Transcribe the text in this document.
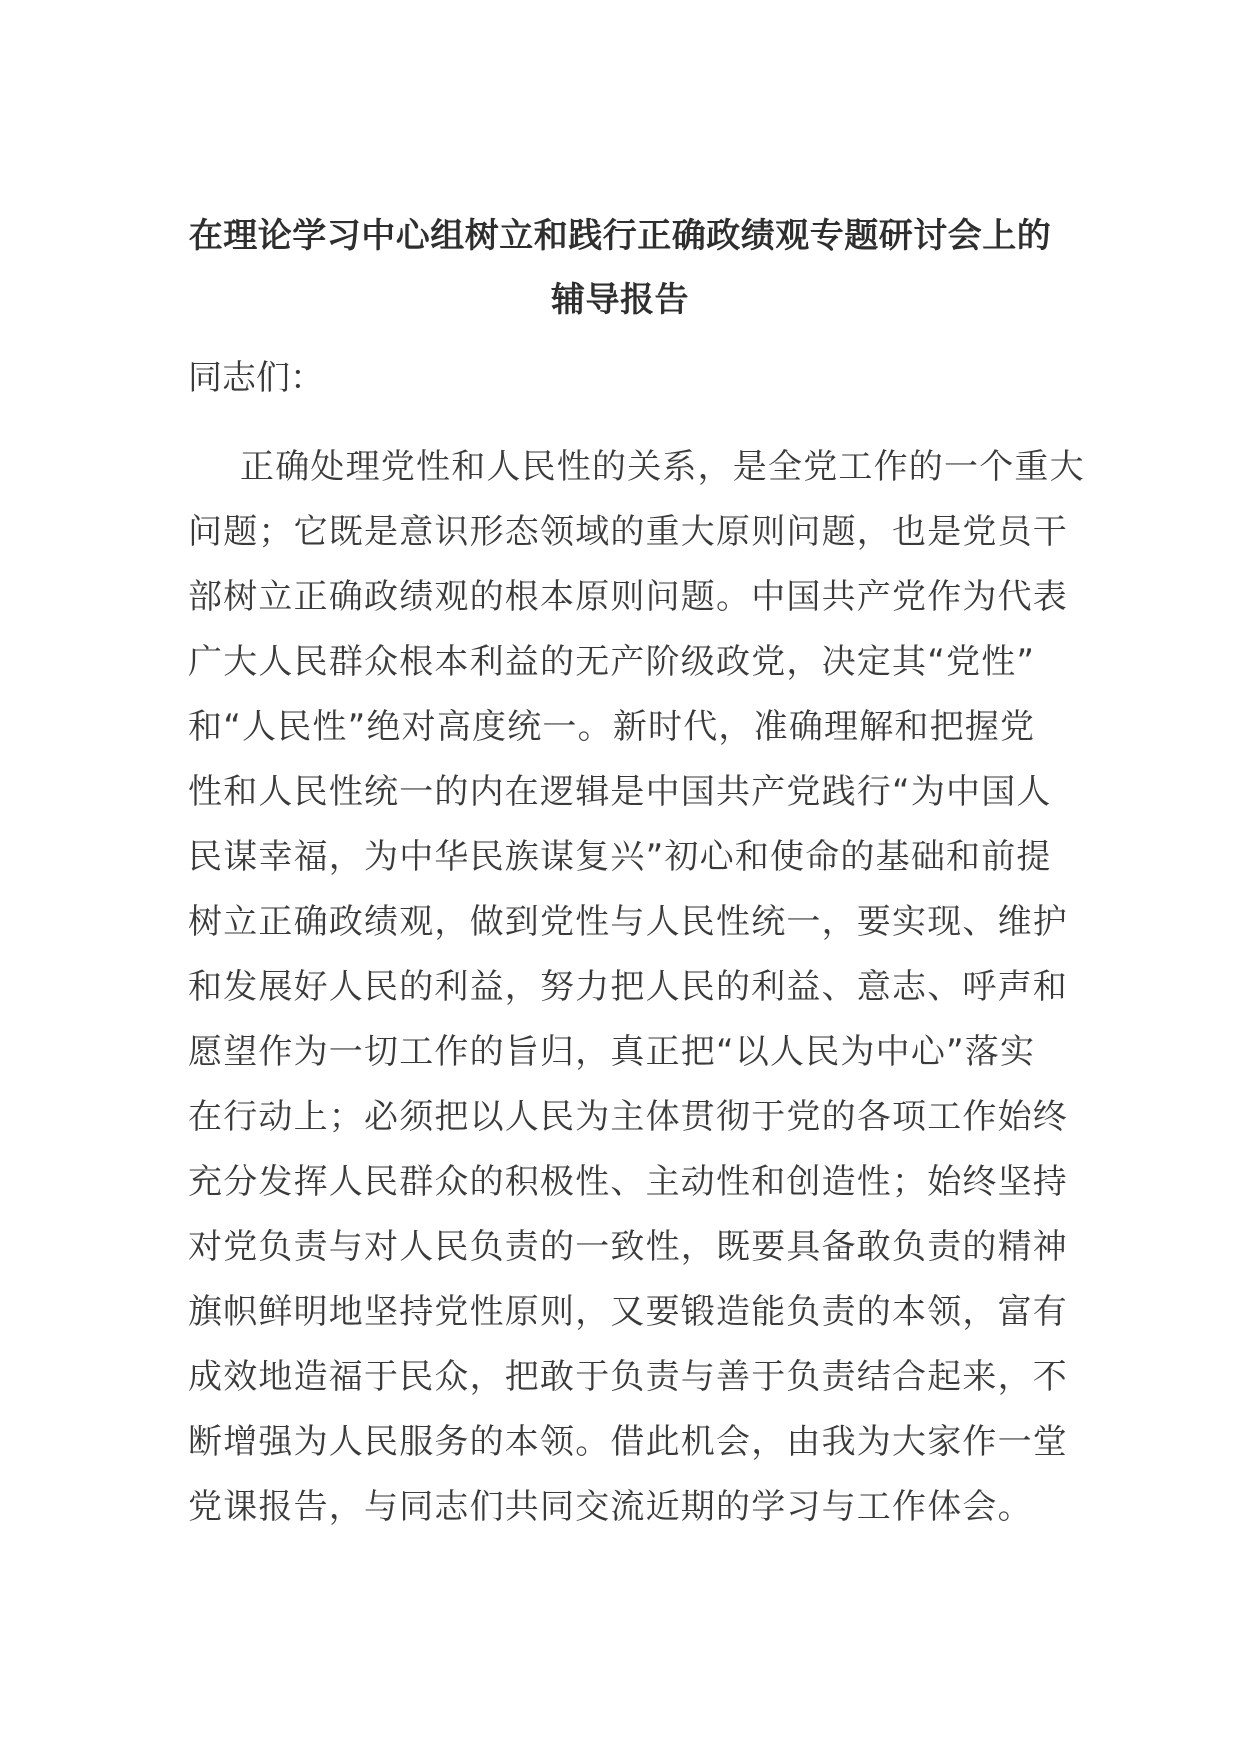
在理论学习中心组树立和践行正确政绩观专题研讨会上的
辅导报告
同志们：
正确处理党性和人民性的关系，是全党工作的一个重大
问题；它既是意识形态领域的重大原则问题，也是党员干
部树立正确政绩观的根本原则问题。中国共产党作为代表
广大人民群众根本利益的无产阶级政党，决定其“党性”
和“人民性”绝对高度统一。新时代，准确理解和把握党
性和人民性统一的内在逻辑是中国共产党践行“为中国人
民谋幸福，为中华民族谋复兴”初心和使命的基础和前提
树立正确政绩观，做到党性与人民性统一，要实现、维护
和发展好人民的利益，努力把人民的利益、意志、呼声和
愿望作为一切工作的旨归，真正把“以人民为中心”落实
在行动上；必须把以人民为主体贯彻于党的各项工作始终
充分发挥人民群众的积极性、主动性和创造性；始终坚持
对党负责与对人民负责的一致性，既要具备敢负责的精神
旗帜鲜明地坚持党性原则，又要锻造能负责的本领，富有
成效地造福于民众，把敢于负责与善于负责结合起来，不
断增强为人民服务的本领。借此机会，由我为大家作一堂
党课报告，与同志们共同交流近期的学习与工作体会。
